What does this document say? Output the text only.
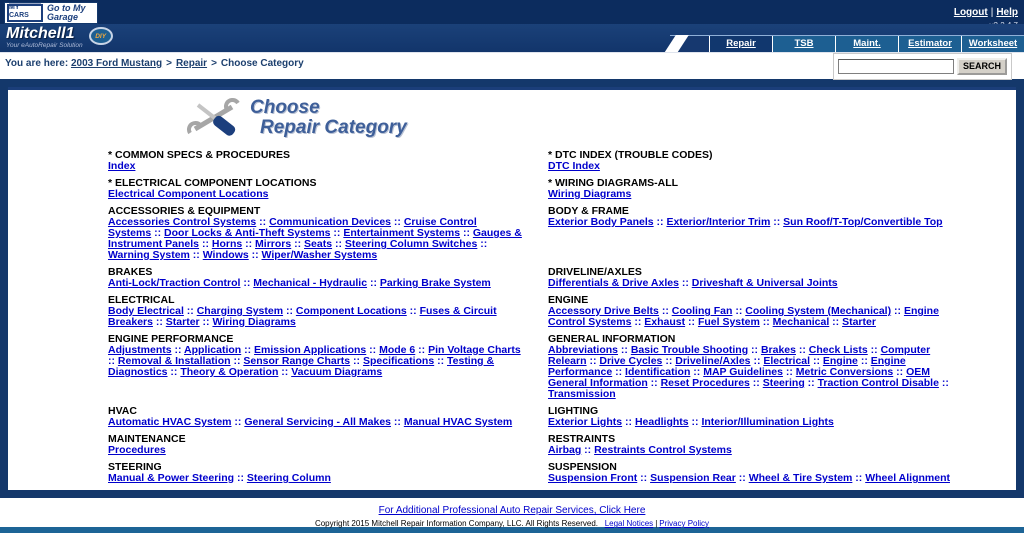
MY CARS
Go to My Garage	Logout | Help
Mitchell1
Your eAutoRepair Solution
DIY
Repair	TSB	Maint.	Estimator	Worksheet
You are here: 2003 Ford Mustang > Repair > Choose Category	SEARCH
Choose
Repair Category
* COMMON SPECS & PROCEDURES
Index
* DTC INDEX (TROUBLE CODES)
DTC Index
* ELECTRICAL COMPONENT LOCATIONS
Electrical Component Locations
* WIRING DIAGRAMS-ALL
Wiring Diagrams
ACCESSORIES & EQUIPMENT
Accessories Control Systems :: Communication Devices :: Cruise Control Systems :: Door Locks & Anti-Theft Systems :: Entertainment Systems :: Gauges & Instrument Panels :: Horns :: Mirrors :: Seats :: Steering Column Switches :: Warning System :: Windows :: Wiper/Washer Systems
BODY & FRAME
Exterior Body Panels :: Exterior/Interior Trim :: Sun Roof/T-Top/Convertible Top
BRAKES
Anti-Lock/Traction Control :: Mechanical - Hydraulic :: Parking Brake System
DRIVELINE/AXLES
Differentials & Drive Axles :: Driveshaft & Universal Joints
ELECTRICAL
Body Electrical :: Charging System :: Component Locations :: Fuses & Circuit Breakers :: Starter :: Wiring Diagrams
ENGINE
Accessory Drive Belts :: Cooling Fan :: Cooling System (Mechanical) :: Engine Control Systems :: Exhaust :: Fuel System :: Mechanical :: Starter
ENGINE PERFORMANCE
Adjustments :: Application :: Emission Applications :: Mode 6 :: Pin Voltage Charts :: Removal & Installation :: Sensor Range Charts :: Specifications :: Testing & Diagnostics :: Theory & Operation :: Vacuum Diagrams
GENERAL INFORMATION
Abbreviations :: Basic Trouble Shooting :: Brakes :: Check Lists :: Computer Relearn :: Drive Cycles :: Driveline/Axles :: Electrical :: Engine :: Engine Performance :: Identification :: MAP Guidelines :: Metric Conversions :: OEM General Information :: Reset Procedures :: Steering :: Traction Control Disable :: Transmission
HVAC
Automatic HVAC System :: General Servicing - All Makes :: Manual HVAC System
LIGHTING
Exterior Lights :: Headlights :: Interior/Illumination Lights
MAINTENANCE
Procedures
RESTRAINTS
Airbag :: Restraints Control Systems
STEERING
Manual & Power Steering :: Steering Column
SUSPENSION
Suspension Front :: Suspension Rear :: Wheel & Tire System :: Wheel Alignment
For Additional Professional Auto Repair Services, Click Here
Copyright 2015 Mitchell Repair Information Company, LLC. All Rights Reserved. Legal Notices | Privacy Policy
